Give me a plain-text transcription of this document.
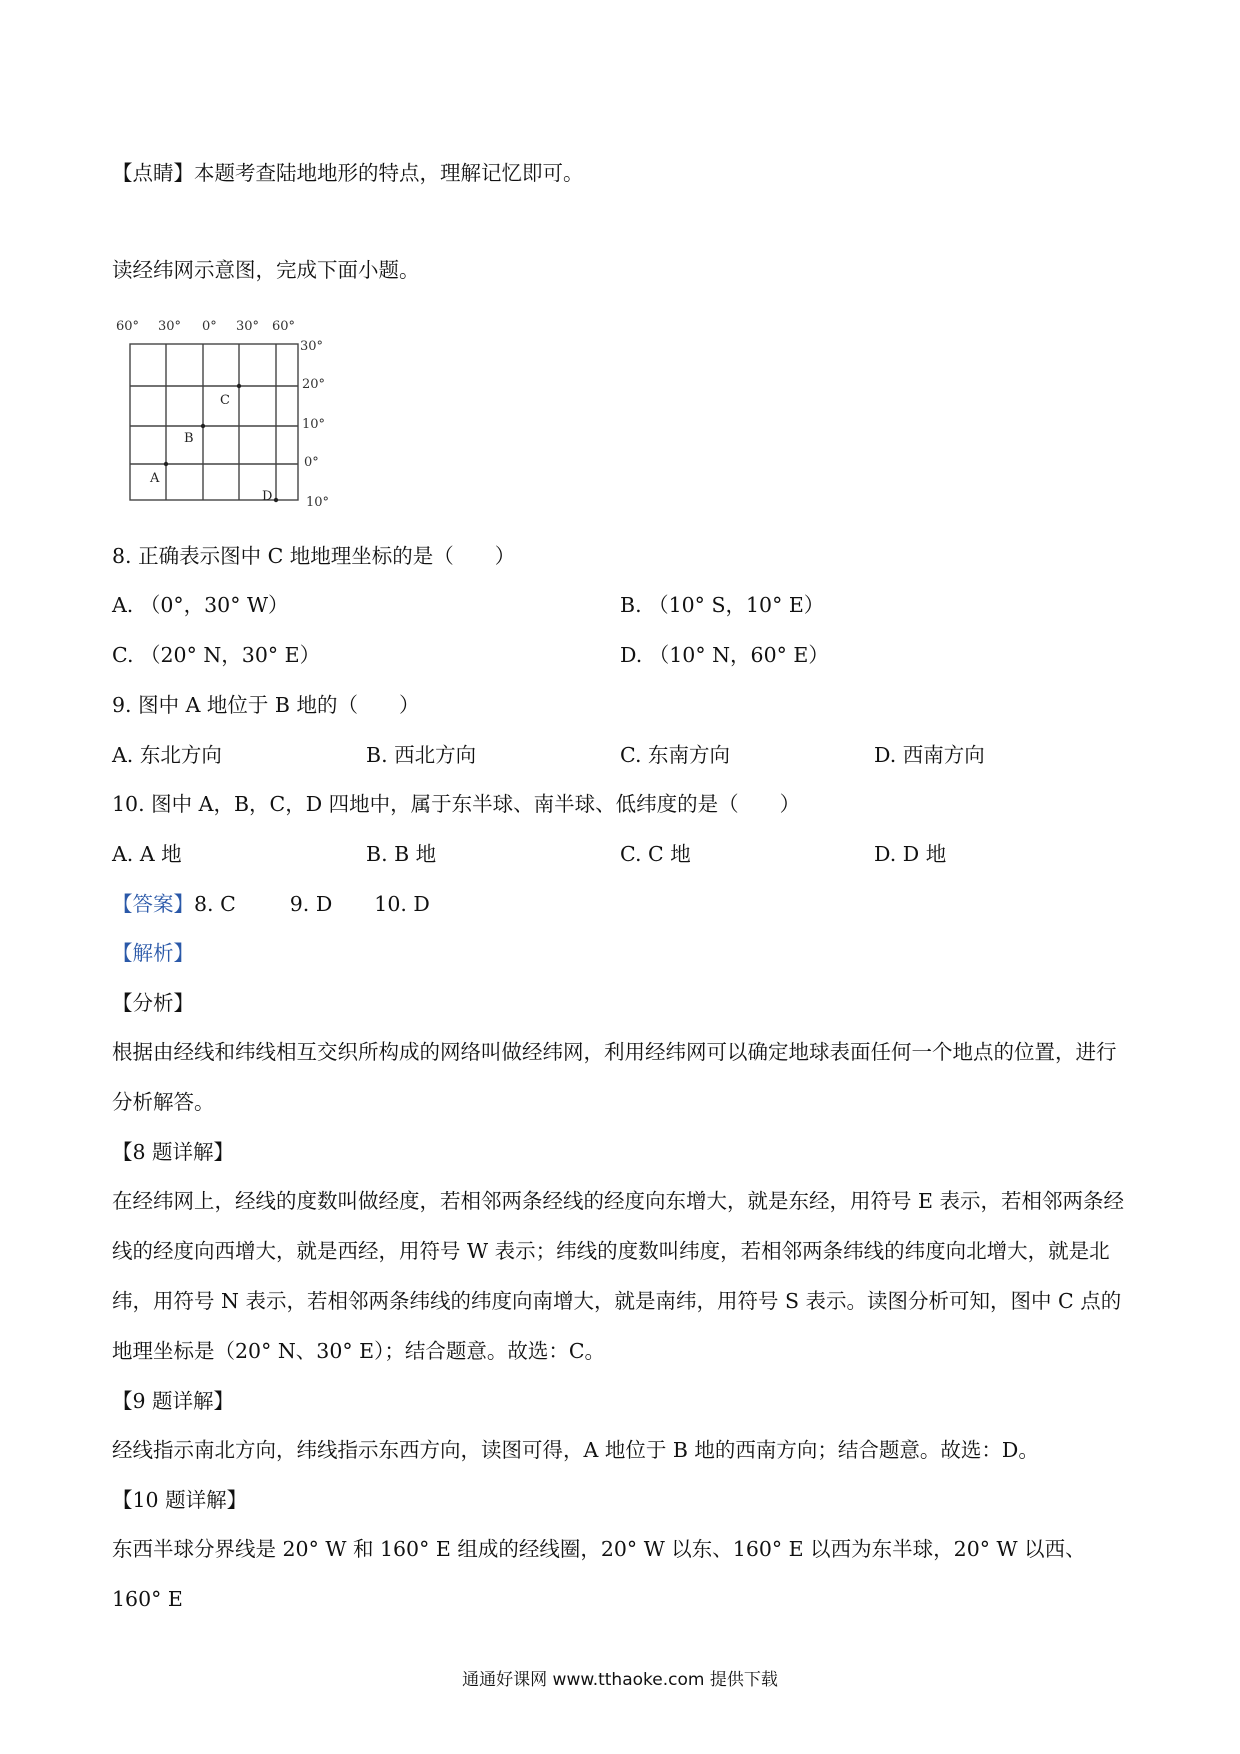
【点睛】本题考查陆地地形的特点，理解记忆即可。
读经纬网示意图，完成下面小题。
60° 30° 0° 30° 60°
30°
20°
10°
0°
10°
A
B
C
D
8. 正确表示图中 C 地地理坐标的是（　　）
A. （0°，30° W）	B. （10° S，10° E）
C. （20° N，30° E）	D. （10° N，60° E）
9. 图中 A 地位于 B 地的（　　）
A. 东北方向	B. 西北方向	C. 东南方向	D. 西南方向
10. 图中 A，B，C，D 四地中，属于东半球、南半球、低纬度的是（　　）
A. A 地	B. B 地	C. C 地	D. D 地
【答案】8. C	9. D 10. D
【解析】
【分析】
根据由经线和纬线相互交织所构成的网络叫做经纬网，利用经纬网可以确定地球表面任何一个地点的位置，进行分析解答。
【8 题详解】
在经纬网上，经线的度数叫做经度，若相邻两条经线的经度向东增大，就是东经，用符号 E 表示，若相邻两条经线的经度向西增大，就是西经，用符号 W 表示；纬线的度数叫纬度，若相邻两条纬线的纬度向北增大，就是北纬，用符号 N 表示，若相邻两条纬线的纬度向南增大，就是南纬，用符号 S 表示。读图分析可知，图中 C 点的地理坐标是（20° N、30° E）；结合题意。故选：C。
【9 题详解】
经线指示南北方向，纬线指示东西方向，读图可得，A 地位于 B 地的西南方向；结合题意。故选：D。
【10 题详解】
东西半球分界线是 20° W 和 160° E 组成的经线圈，20° W 以东、160° E 以西为东半球，20° W 以西、160° E
通通好课网 www.tthaoke.com 提供下载
